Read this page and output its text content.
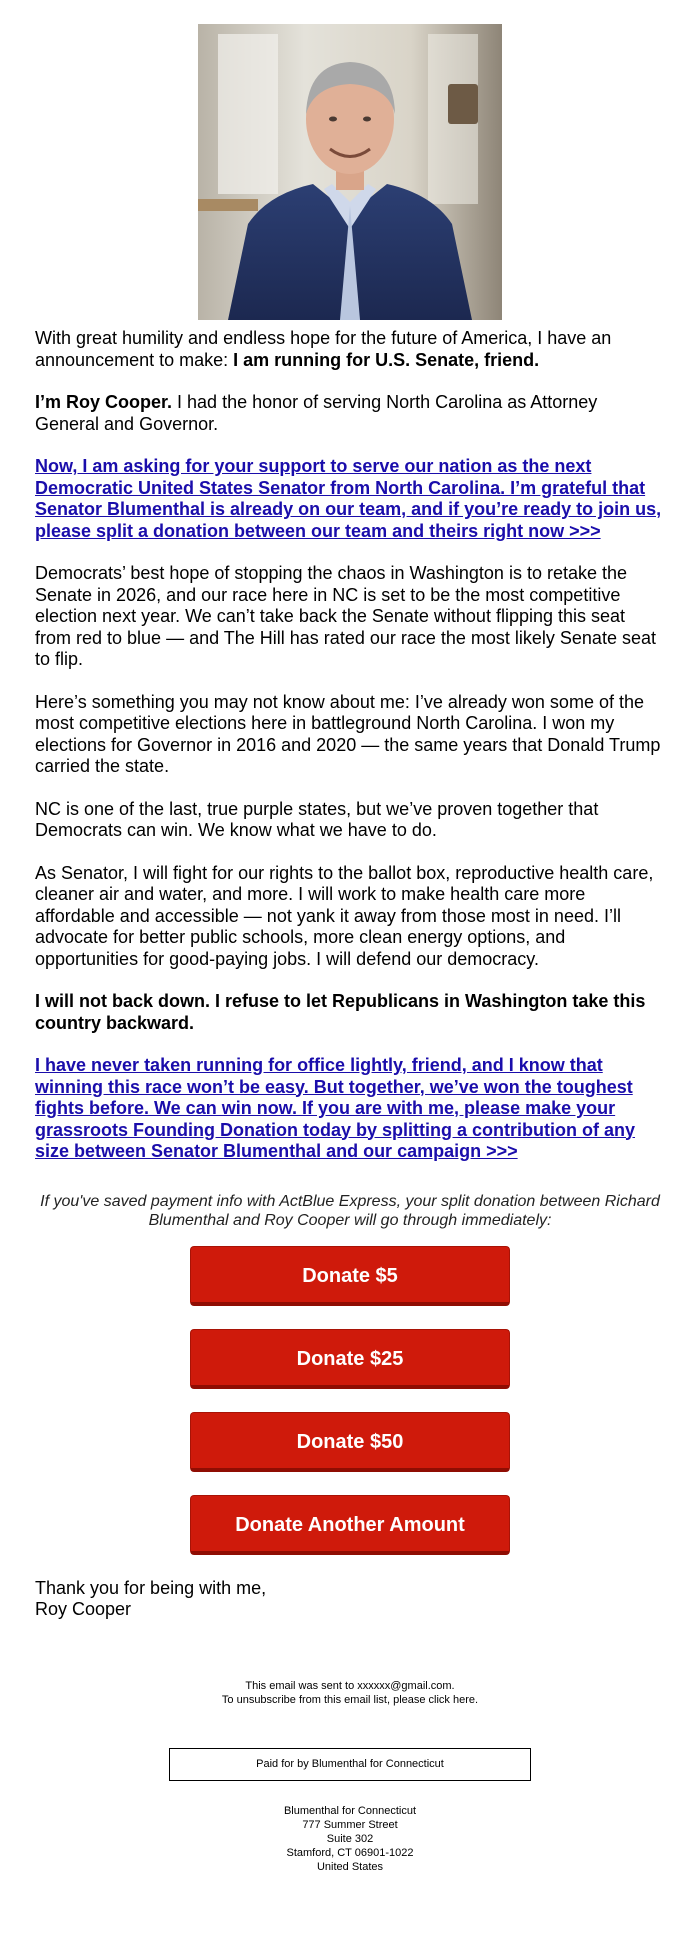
With great humility and endless hope for the future of America, I have an announcement to make: I am running for U.S. Senate, friend.

I’m Roy Cooper. I had the honor of serving North Carolina as Attorney General and Governor.

Now, I am asking for your support to serve our nation as the next Democratic United States Senator from North Carolina. I’m grateful that Senator Blumenthal is already on our team, and if you’re ready to join us, please split a donation between our team and theirs right now >>>

Democrats’ best hope of stopping the chaos in Washington is to retake the Senate in 2026, and our race here in NC is set to be the most competitive election next year. We can’t take back the Senate without flipping this seat from red to blue — and The Hill has rated our race the most likely Senate seat to flip.

Here’s something you may not know about me: I’ve already won some of the most competitive elections here in battleground North Carolina. I won my elections for Governor in 2016 and 2020 — the same years that Donald Trump carried the state.

NC is one of the last, true purple states, but we’ve proven together that Democrats can win. We know what we have to do.

As Senator, I will fight for our rights to the ballot box, reproductive health care, cleaner air and water, and more. I will work to make health care more affordable and accessible — not yank it away from those most in need. I’ll advocate for better public schools, more clean energy options, and opportunities for good-paying jobs. I will defend our democracy.

I will not back down. I refuse to let Republicans in Washington take this country backward.

I have never taken running for office lightly, friend, and I know that winning this race won’t be easy. But together, we’ve won the toughest fights before. We can win now. If you are with me, please make your grassroots Founding Donation today by splitting a contribution of any size between Senator Blumenthal and our campaign >>>

If you've saved payment info with ActBlue Express, your split donation between Richard Blumenthal and Roy Cooper will go through immediately:

Donate $5
Donate $25
Donate $50
Donate Another Amount

Thank you for being with me,

Roy Cooper

This email was sent to xxxxxx@gmail.com.
To unsubscribe from this email list, please click here.
Paid for by Blumenthal for Connecticut
Blumenthal for Connecticut
777 Summer Street
Suite 302
Stamford, CT 06901-1022
United States
